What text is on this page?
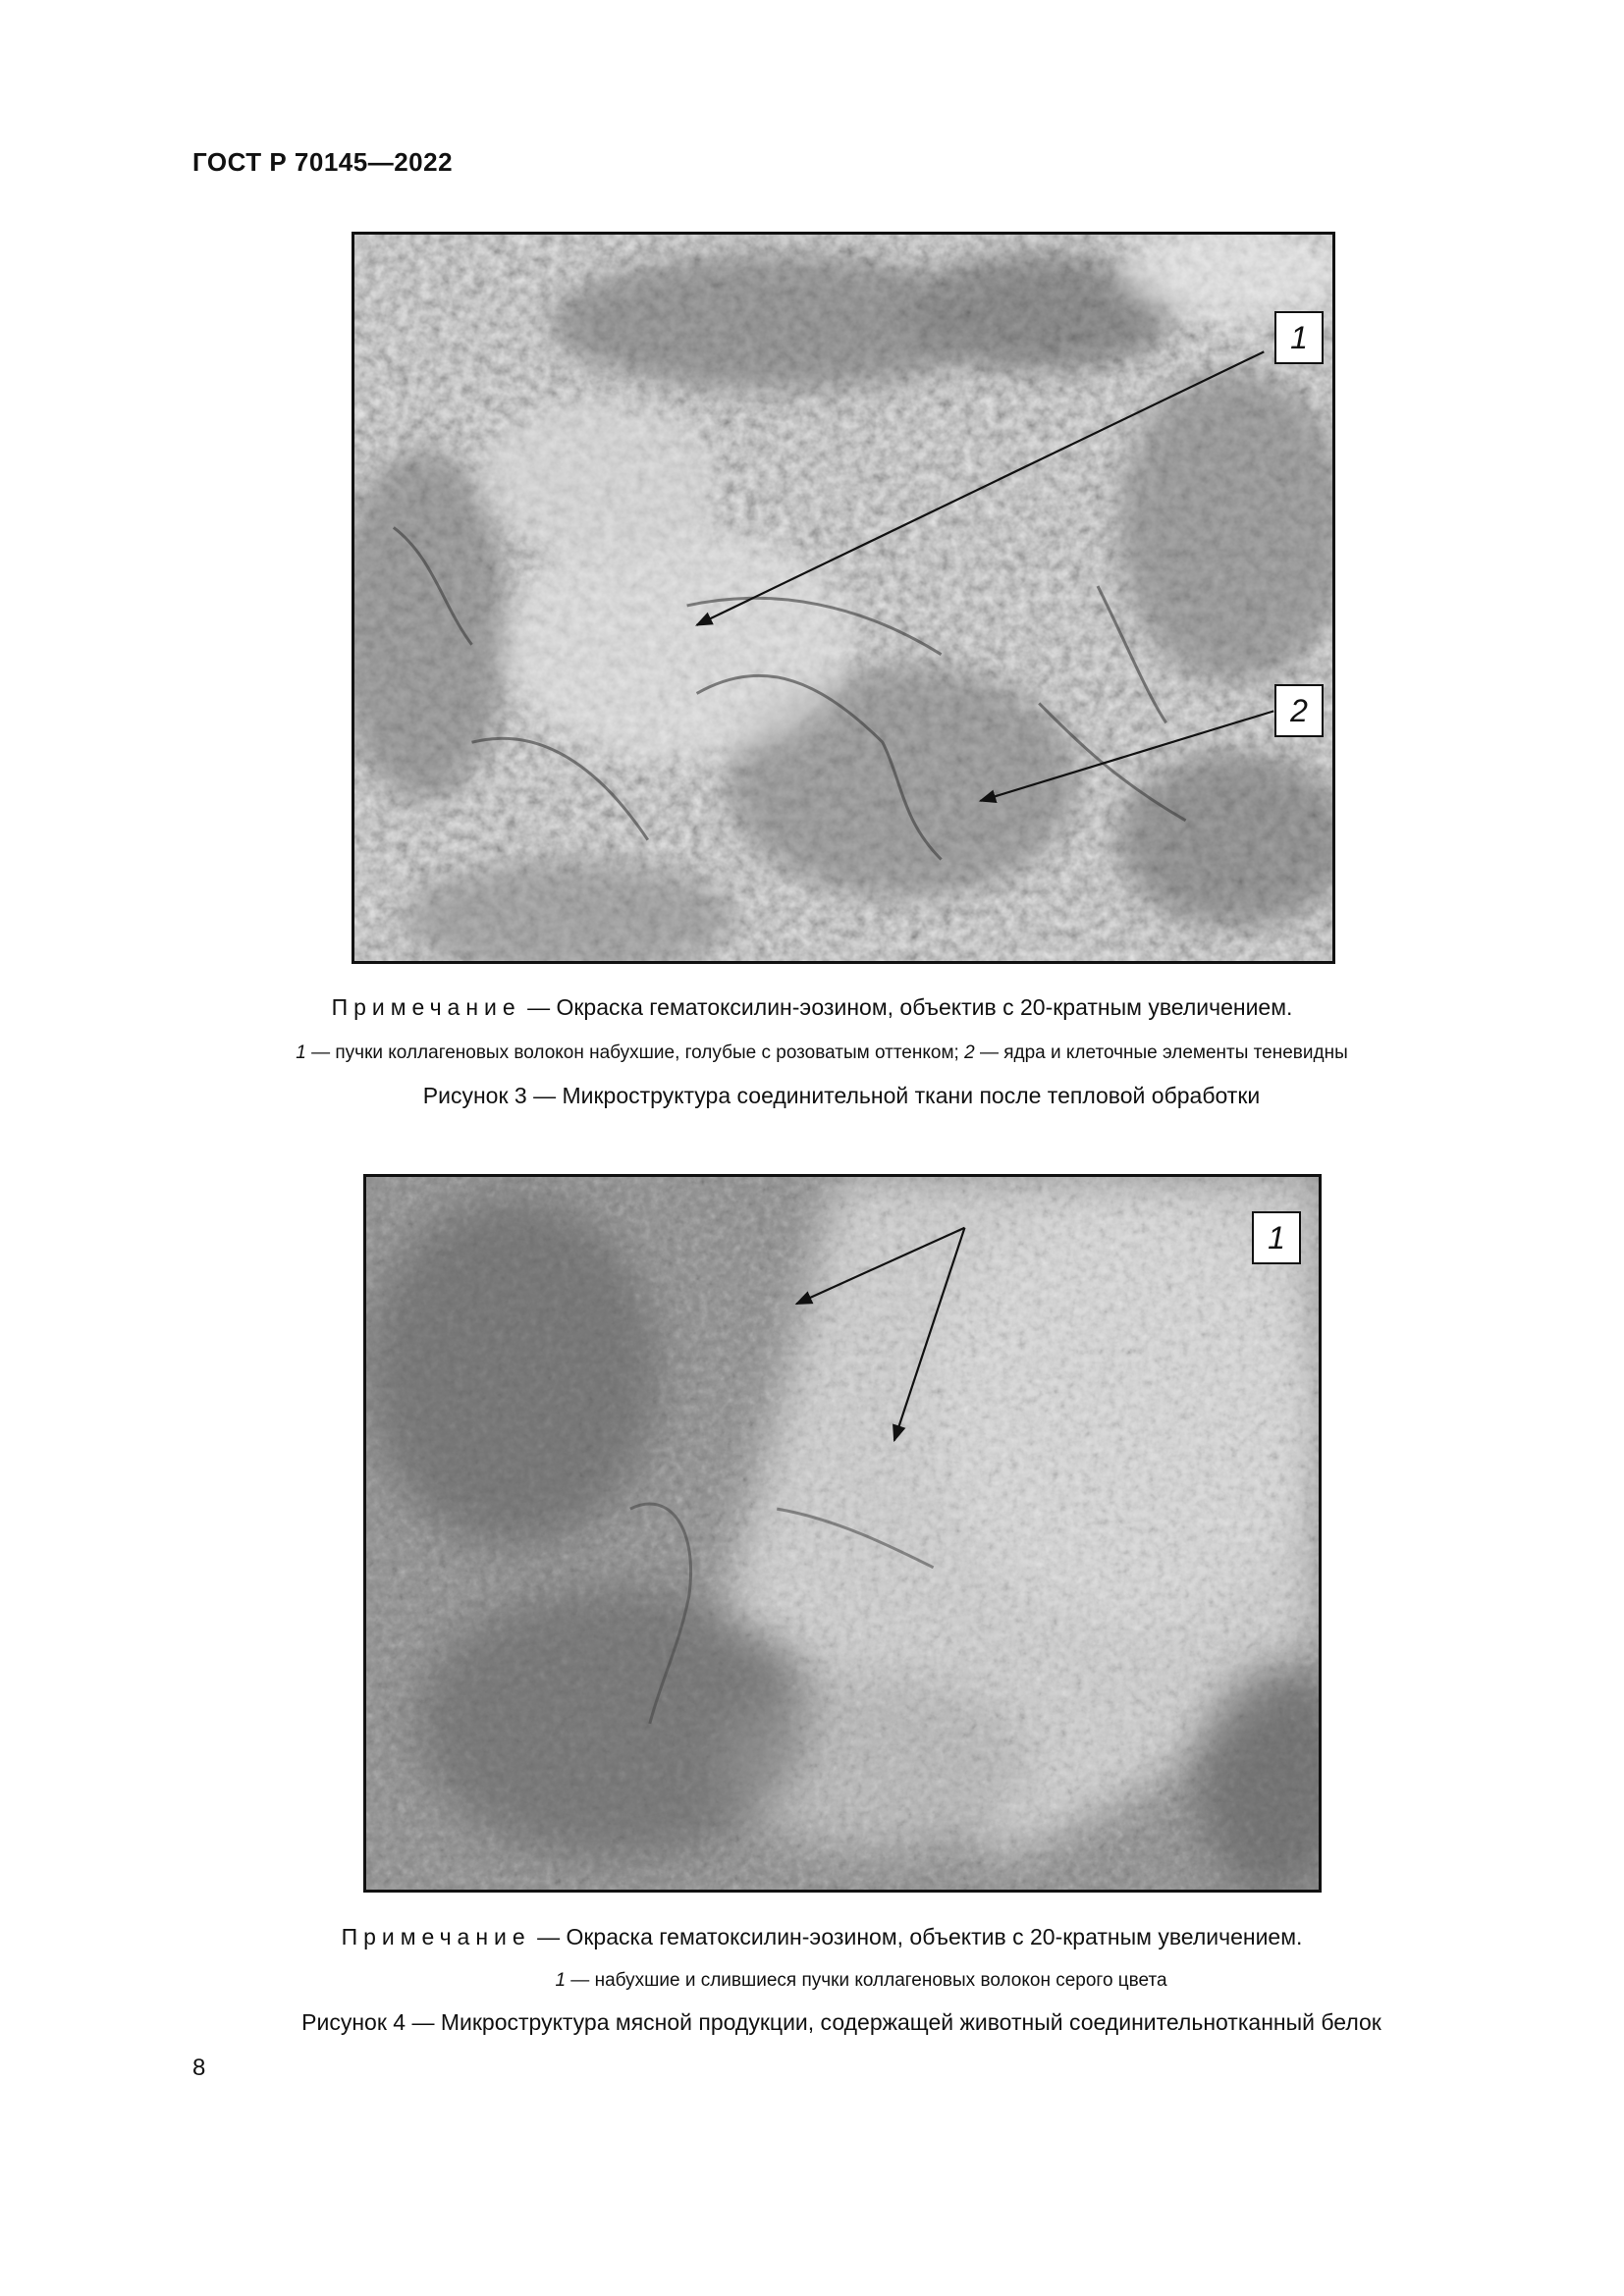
ГОСТ Р 70145—2022
1
2
Примечание — Окраска гематоксилин-эозином, объектив с 20-кратным увеличением.
1 — пучки коллагеновых волокон набухшие, голубые с розоватым оттенком; 2 — ядра и клеточные элементы теневидны
Рисунок 3 — Микроструктура соединительной ткани после тепловой обработки
1
Примечание — Окраска гематоксилин-эозином, объектив с 20-кратным увеличением.
1 — набухшие и слившиеся пучки коллагеновых волокон серого цвета
Рисунок 4 — Микроструктура мясной продукции, содержащей животный соединительнотканный белок
8
